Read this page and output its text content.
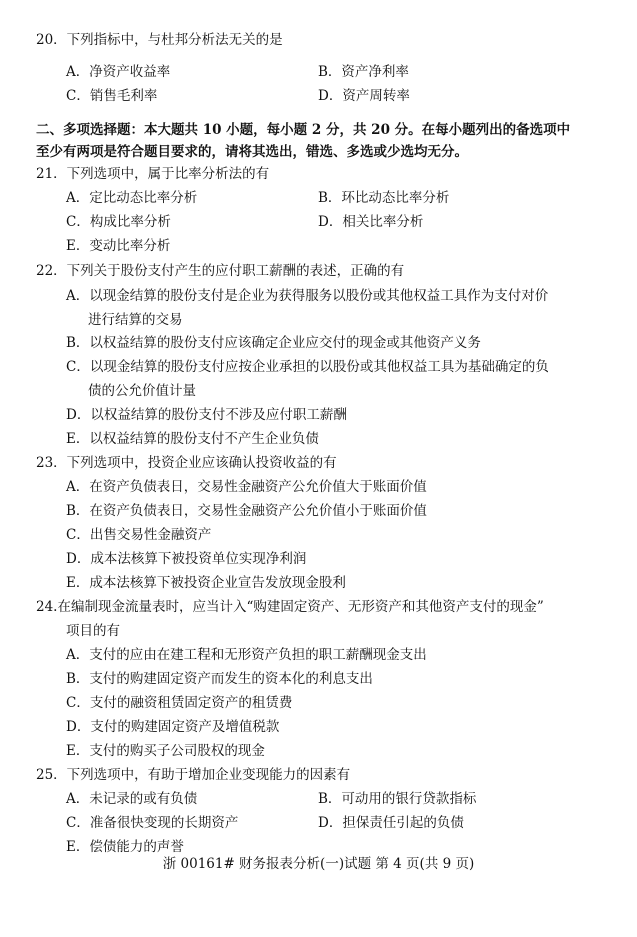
20．下列指标中，与杜邦分析法无关的是
A．净资产收益率	B．资产净利率
C．销售毛利率	D．资产周转率
二、多项选择题：本大题共 10 小题，每小题 2 分，共 20 分。在每小题列出的备选项中
至少有两项是符合题目要求的，请将其选出，错选、多选或少选均无分。
21．下列选项中，属于比率分析法的有
A．定比动态比率分析	B．环比动态比率分析
C．构成比率分析	D．相关比率分析
E．变动比率分析
22．下列关于股份支付产生的应付职工薪酬的表述，正确的有
A．以现金结算的股份支付是企业为获得服务以股份或其他权益工具作为支付对价
进行结算的交易
B．以权益结算的股份支付应该确定企业应交付的现金或其他资产义务
C．以现金结算的股份支付应按企业承担的以股份或其他权益工具为基础确定的负
债的公允价值计量
D．以权益结算的股份支付不涉及应付职工薪酬
E．以权益结算的股份支付不产生企业负债
23．下列选项中，投资企业应该确认投资收益的有
A．在资产负债表日，交易性金融资产公允价值大于账面价值
B．在资产负债表日，交易性金融资产公允价值小于账面价值
C．出售交易性金融资产
D．成本法核算下被投资单位实现净利润
E．成本法核算下被投资企业宣告发放现金股利
24.在编制现金流量表时，应当计入“购建固定资产、无形资产和其他资产支付的现金”
项目的有
A．支付的应由在建工程和无形资产负担的职工薪酬现金支出
B．支付的购建固定资产而发生的资本化的利息支出
C．支付的融资租赁固定资产的租赁费
D．支付的购建固定资产及增值税款
E．支付的购买子公司股权的现金
25．下列选项中，有助于增加企业变现能力的因素有
A．未记录的或有负债	B．可动用的银行贷款指标
C．准备很快变现的长期资产	D．担保责任引起的负债
E．偿债能力的声誉
浙 00161# 财务报表分析(一)试题 第 4 页(共 9 页)
